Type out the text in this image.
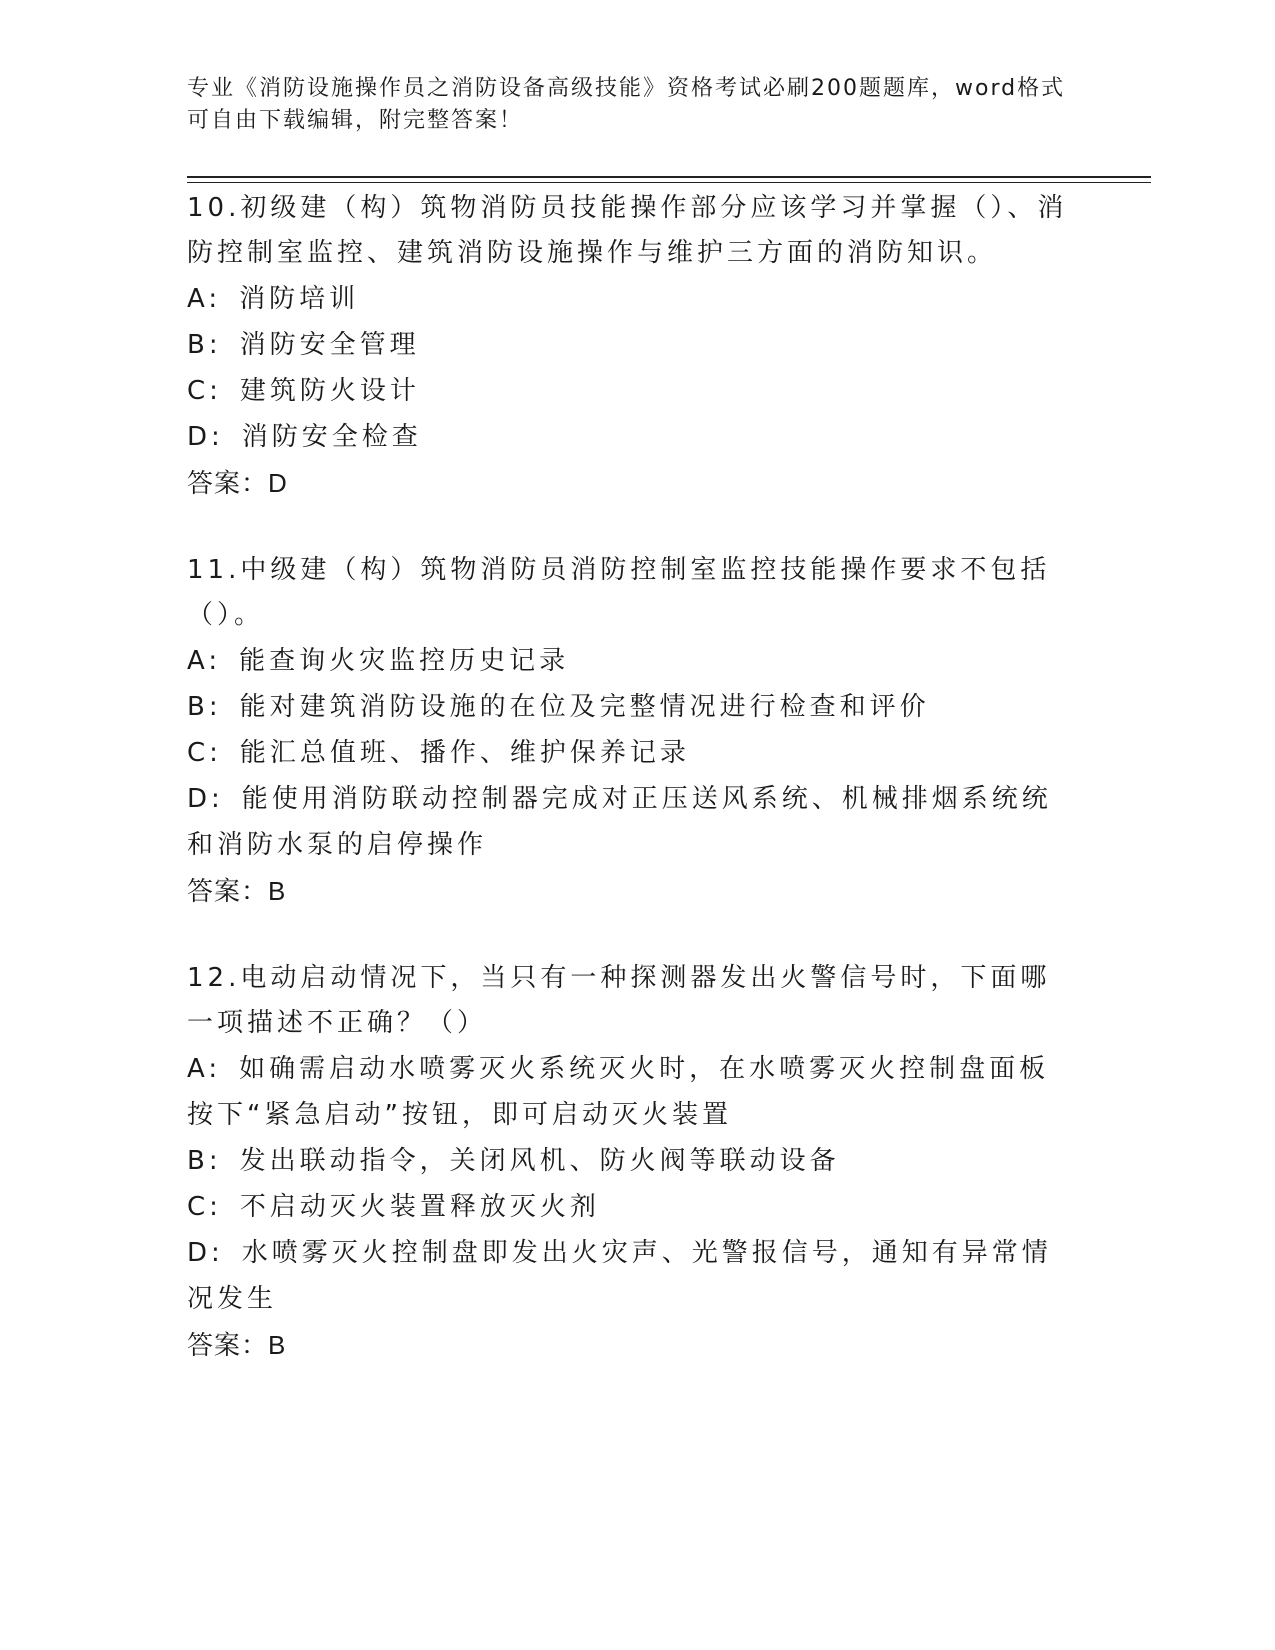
专业《消防设施操作员之消防设备高级技能》资格考试必刷200题题库，word格式可自由下载编辑，附完整答案！
10.初级建（构）筑物消防员技能操作部分应该学习并掌握（）、消防控制室监控、建筑消防设施操作与维护三方面的消防知识。
A: 消防培训
B: 消防安全管理
C: 建筑防火设计
D: 消防安全检查
答案：D
11.中级建（构）筑物消防员消防控制室监控技能操作要求不包括（）。
A: 能查询火灾监控历史记录
B: 能对建筑消防设施的在位及完整情况进行检查和评价
C: 能汇总值班、播作、维护保养记录
D: 能使用消防联动控制器完成对正压送风系统、机械排烟系统统和消防水泵的启停操作
答案：B
12.电动启动情况下，当只有一种探测器发出火警信号时，下面哪一项描述不正确？（）
A: 如确需启动水喷雾灭火系统灭火时，在水喷雾灭火控制盘面板按下“紧急启动”按钮，即可启动灭火装置
B: 发出联动指令，关闭风机、防火阀等联动设备
C: 不启动灭火装置释放灭火剂
D: 水喷雾灭火控制盘即发出火灾声、光警报信号，通知有异常情况发生
答案：B
